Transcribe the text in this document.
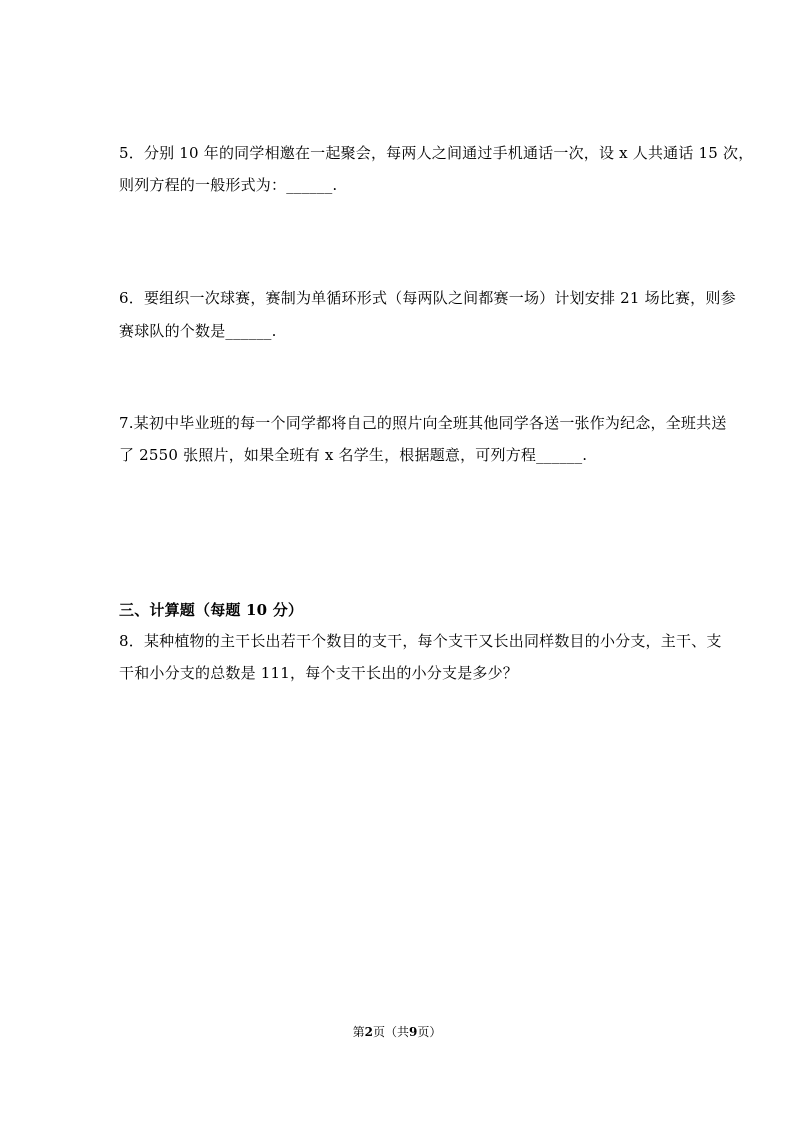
5．分别 10 年的同学相邀在一起聚会，每两人之间通过手机通话一次，设 x 人共通话 15 次，
则列方程的一般形式为：______.
6．要组织一次球赛，赛制为单循环形式（每两队之间都赛一场）计划安排 21 场比赛，则参
赛球队的个数是______.
7.某初中毕业班的每一个同学都将自己的照片向全班其他同学各送一张作为纪念，全班共送
了 2550 张照片，如果全班有 x 名学生，根据题意，可列方程______.
三、计算题（每题 10 分）
8．某种植物的主干长出若干个数目的支干，每个支干又长出同样数目的小分支，主干、支
干和小分支的总数是 111，每个支干长出的小分支是多少？
第2页（共9页）
